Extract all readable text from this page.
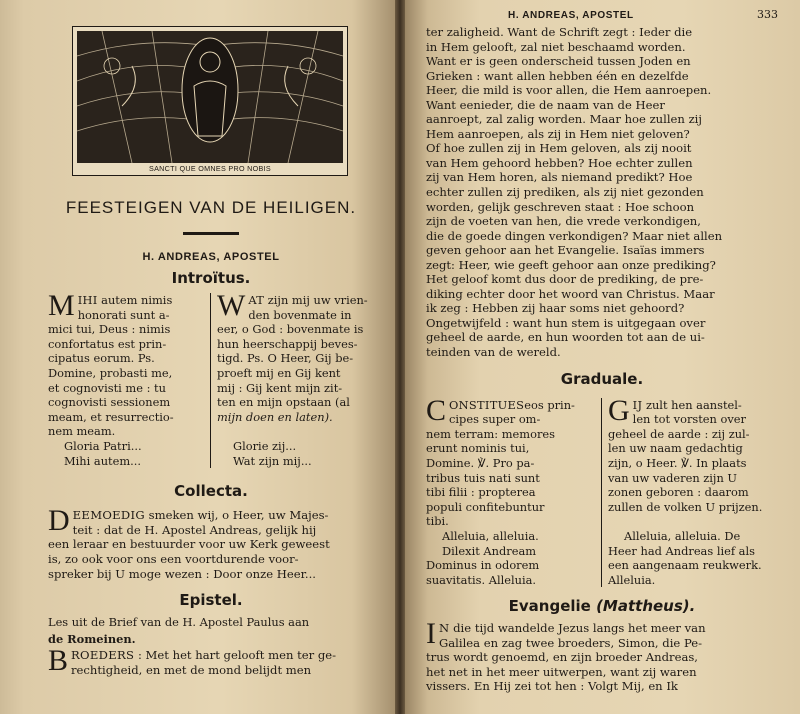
SANCTI QUE OMNES PRO NOBIS
FEESTEIGEN VAN DE HEILIGEN.
H. ANDREAS, APOSTEL
Introïtus.

MIHI autem nimis

honorati sunt a-

mici tui, Deus : nimis

confortatus est prin-

cipatus eorum. Ps.

Domine, probasti me,

et cognovisti me : tu

cognovisti sessionem

meam, et resurrectio-

nem meam.

Gloria Patri...

Mihi autem...

WAT zijn mij uw vrien-

den bovenmate in

eer, o God : bovenmate is

hun heerschappij beves-

tigd. Ps. O Heer, Gij be-

proeft mij en Gij kent

mij : Gij kent mijn zit-

ten en mijn opstaan (al

mijn doen en laten).

Glorie zij...

Wat zijn mij...

Collecta.

DEEMOEDIG smeken wij, o Heer, uw Majes-

teit : dat de H. Apostel Andreas, gelijk hij

een leraar en bestuurder voor uw Kerk geweest

is, zo ook voor ons een voortdurende voor-

spreker bij U moge wezen : Door onze Heer...

Epistel.

Les uit de Brief van de H. Apostel Paulus aan

de Romeinen.

BROEDERS : Met het hart gelooft men ter ge-

rechtigheid, en met de mond belijdt men

H. ANDREAS, APOSTEL	333

ter zaligheid. Want de Schrift zegt : Ieder die

in Hem gelooft, zal niet beschaamd worden.

Want er is geen onderscheid tussen Joden en

Grieken : want allen hebben één en dezelfde

Heer, die mild is voor allen, die Hem aanroepen.

Want eenieder, die de naam van de Heer

aanroept, zal zalig worden. Maar hoe zullen zij

Hem aanroepen, als zij in Hem niet geloven?

Of hoe zullen zij in Hem geloven, als zij nooit

van Hem gehoord hebben? Hoe echter zullen

zij van Hem horen, als niemand predikt? Hoe

echter zullen zij prediken, als zij niet gezonden

worden, gelijk geschreven staat : Hoe schoon

zijn de voeten van hen, die vrede verkondigen,

die de goede dingen verkondigen? Maar niet allen

geven gehoor aan het Evangelie. Isaïas immers

zegt: Heer, wie geeft gehoor aan onze prediking?

Het geloof komt dus door de prediking, de pre-

diking echter door het woord van Christus. Maar

ik zeg : Hebben zij haar soms niet gehoord?

Ongetwijfeld : want hun stem is uitgegaan over

geheel de aarde, en hun woorden tot aan de ui-

teinden van de wereld.

Graduale.

CONSTITUESeos prin-

cipes super om-

nem terram: memores

erunt nominis tui,

Domine. ℣. Pro pa-

tribus tuis nati sunt

tibi filii : propterea

populi confitebuntur

tibi.

Alleluia, alleluia.

Dilexit Andream

Dominus in odorem

suavitatis. Alleluia.

GIJ zult hen aanstel-

len tot vorsten over

geheel de aarde : zij zul-

len uw naam gedachtig

zijn, o Heer. ℣. In plaats

van uw vaderen zijn U

zonen geboren : daarom

zullen de volken U prijzen.

Alleluia, alleluia. De

Heer had Andreas lief als

een aangenaam reukwerk.

Alleluia.

Evangelie (Mattheus).

I N die tijd wandelde Jezus langs het meer van

Galilea en zag twee broeders, Simon, die Pe-

trus wordt genoemd, en zijn broeder Andreas,

het net in het meer uitwerpen, want zij waren

vissers. En Hij zei tot hen : Volgt Mij, en Ik
